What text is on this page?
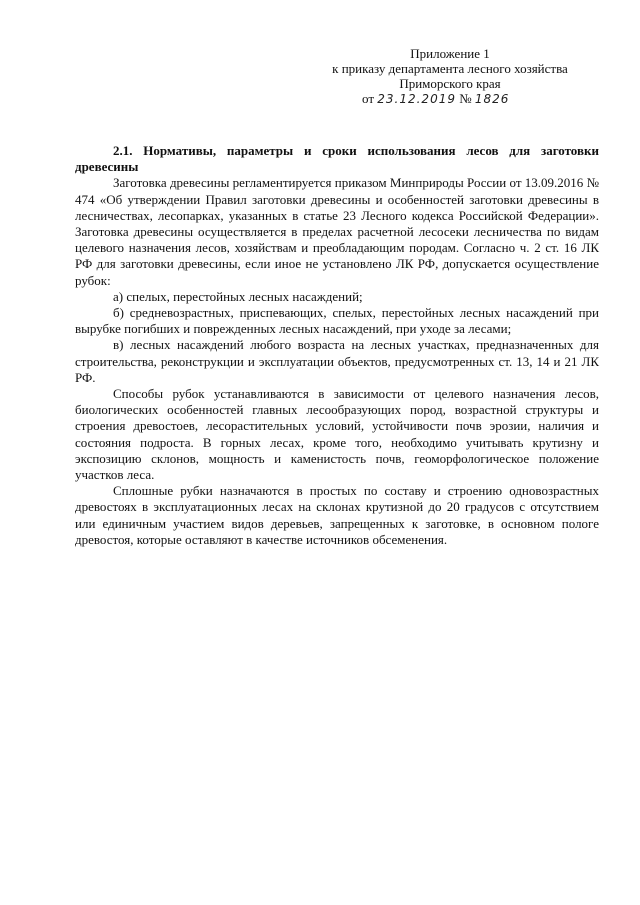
Приложение 1
к приказу департамента лесного хозяйства
Приморского края
от 23.12.2019 № 1826

2.1. Нормативы, параметры и сроки использования лесов для заготовки древесины

Заготовка древесины регламентируется приказом Минприроды России от 13.09.2016 № 474 «Об утверждении Правил заготовки древесины и особенностей заготовки древесины в лесничествах, лесопарках, указанных в статье 23 Лесного кодекса Российской Федерации». Заготовка древесины осуществляется в пределах расчетной лесосеки лесничества по видам целевого назначения лесов, хозяйствам и преобладающим породам. Согласно ч. 2 ст. 16 ЛК РФ для заготовки древесины, если иное не установлено ЛК РФ, допускается осуществление рубок:

а) спелых, перестойных лесных насаждений;

б) средневозрастных, приспевающих, спелых, перестойных лесных насаждений при вырубке погибших и поврежденных лесных насаждений, при уходе за лесами;

в) лесных насаждений любого возраста на лесных участках, предназначенных для строительства, реконструкции и эксплуатации объектов, предусмотренных ст. 13, 14 и 21 ЛК РФ.

Способы рубок устанавливаются в зависимости от целевого назначения лесов, биологических особенностей главных лесообразующих пород, возрастной структуры и строения древостоев, лесорастительных условий, устойчивости почв эрозии, наличия и состояния подроста. В горных лесах, кроме того, необходимо учитывать крутизну и экспозицию склонов, мощность и каменистость почв, геоморфологическое положение участков леса.

Сплошные рубки назначаются в простых по составу и строению одновозрастных древостоях в эксплуатационных лесах на склонах крутизной до 20 градусов с отсутствием или единичным участием видов деревьев, запрещенных к заготовке, в основном пологе древостоя, которые оставляют в качестве источников обсеменения.
